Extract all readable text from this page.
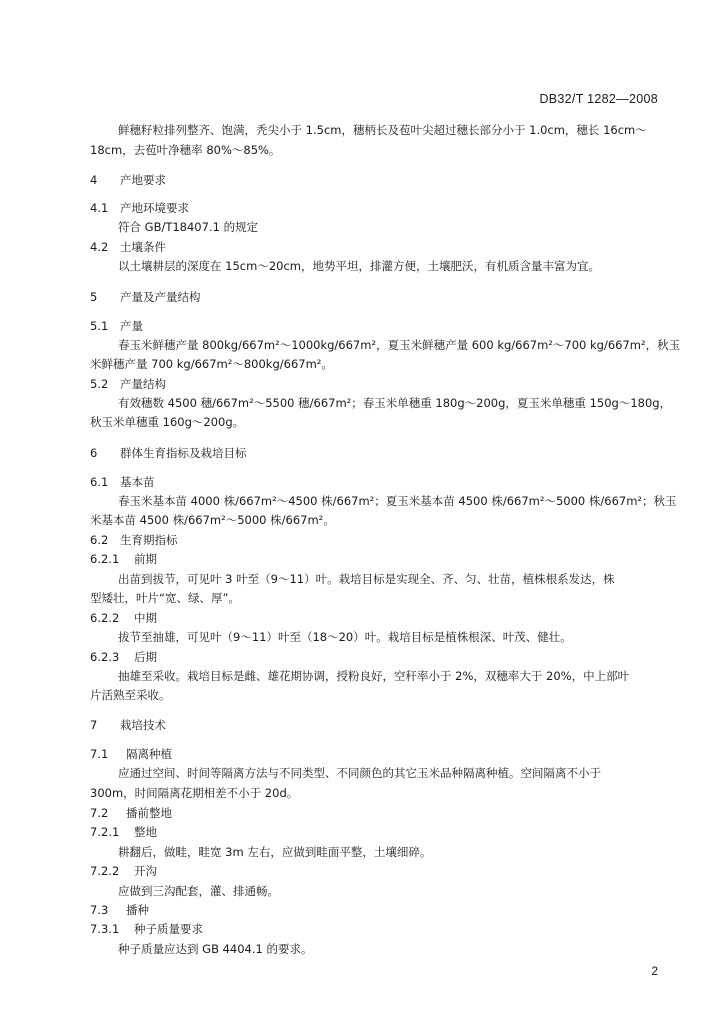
DB32/T 1282—2008
鲜穗籽粒排列整齐、饱满，秃尖小于 1.5cm，穗柄长及苞叶尖超过穗长部分小于 1.0cm，穗长 16cm～
18cm，去苞叶净穗率 80%～85%。
4 产地要求
4.1 产地环境要求
符合 GB/T18407.1 的规定
4.2 土壤条件
以土壤耕层的深度在 15cm～20cm，地势平坦，排灌方便，土壤肥沃，有机质含量丰富为宜。
5 产量及产量结构
5.1 产量
春玉米鲜穗产量 800kg/667m²～1000kg/667m²，夏玉米鲜穗产量 600 kg/667m²～700 kg/667m²，秋玉
米鲜穗产量 700 kg/667m²～800kg/667m²。
5.2 产量结构
有效穗数 4500 穗/667m²～5500 穗/667m²；春玉米单穗重 180g～200g，夏玉米单穗重 150g～180g，
秋玉米单穗重 160g～200g。
6 群体生育指标及栽培目标
6.1 基本苗
春玉米基本苗 4000 株/667m²～4500 株/667m²；夏玉米基本苗 4500 株/667m²～5000 株/667m²；秋玉
米基本苗 4500 株/667m²～5000 株/667m²。
6.2 生育期指标
6.2.1 前期
出苗到拔节，可见叶 3 叶至（9～11）叶。栽培目标是实现全、齐、匀、壮苗，植株根系发达，株
型矮壮，叶片“宽、绿、厚”。
6.2.2 中期
拔节至抽雄，可见叶（9～11）叶至（18～20）叶。栽培目标是植株根深、叶茂、健壮。
6.2.3 后期
抽雄至采收。栽培目标是雌、雄花期协调，授粉良好，空秆率小于 2%，双穗率大于 20%，中上部叶
片活熟至采收。
7 栽培技术
7.1 隔离种植
应通过空间、时间等隔离方法与不同类型、不同颜色的其它玉米品种隔离种植。空间隔离不小于
300m，时间隔离花期相差不小于 20d。
7.2 播前整地
7.2.1 整地
耕翻后，做畦，畦宽 3m 左右，应做到畦面平整，土壤细碎。
7.2.2 开沟
应做到三沟配套，灌、排通畅。
7.3 播种
7.3.1 种子质量要求
种子质量应达到 GB 4404.1 的要求。
2
